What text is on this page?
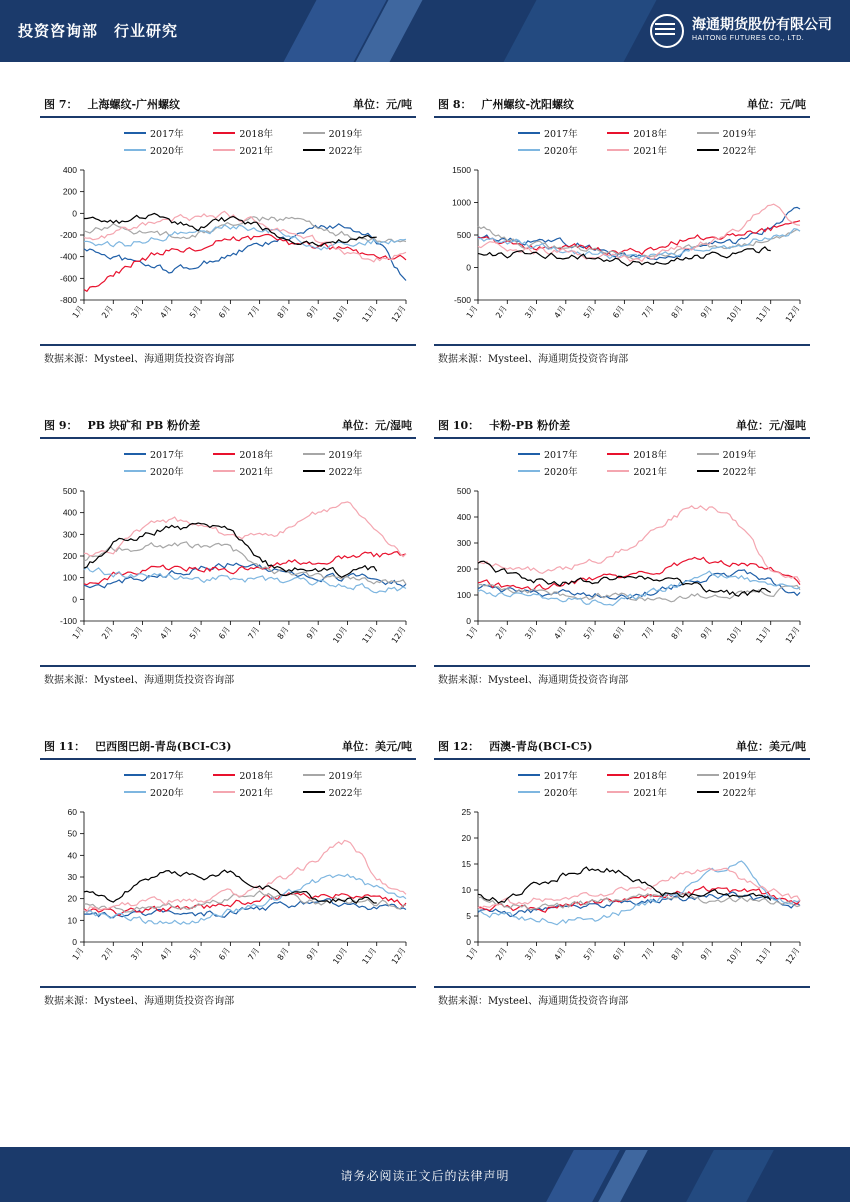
投资咨询部 行业研究	海通期货股份有限公司
HAITONG FUTURES CO., LTD.
图 7： 上海螺纹-广州螺纹	单位：元/吨
2017年	2018年	2019年
2020年	2021年	2022年
-800
-600
-400
-200
0
200
400
1月 2月 3月 4月 5月 6月 7月 8月 9月 10月 11月 12月
数据来源：Mysteel、海通期货投资咨询部
图 8： 广州螺纹-沈阳螺纹	单位：元/吨
2017年	2018年	2019年
2020年	2021年	2022年
-500
0
500
1000
1500
1月 2月 3月 4月 5月 6月 7月 8月 9月 10月 11月 12月
数据来源：Mysteel、海通期货投资咨询部
图 9： PB 块矿和 PB 粉价差	单位：元/湿吨
2017年	2018年	2019年
2020年	2021年	2022年
-100
0
100
200
300
400
500
1月 2月 3月 4月 5月 6月 7月 8月 9月 10月 11月 12月
数据来源：Mysteel、海通期货投资咨询部
图 10： 卡粉-PB 粉价差	单位：元/湿吨
2017年	2018年	2019年
2020年	2021年	2022年
0
100
200
300
400
500
1月 2月 3月 4月 5月 6月 7月 8月 9月 10月 11月 12月
数据来源：Mysteel、海通期货投资咨询部
图 11： 巴西图巴朗-青岛(BCI-C3)	单位：美元/吨
2017年	2018年	2019年
2020年	2021年	2022年
0
10
20
30
40
50
60
1月 2月 3月 4月 5月 6月 7月 8月 9月 10月 11月 12月
数据来源：Mysteel、海通期货投资咨询部
图 12： 西澳-青岛(BCI-C5)	单位：美元/吨
2017年	2018年	2019年
2020年	2021年	2022年
0
5
10
15
20
25
1月 2月 3月 4月 5月 6月 7月 8月 9月 10月 11月 12月
数据来源：Mysteel、海通期货投资咨询部
请务必阅读正文后的法律声明
